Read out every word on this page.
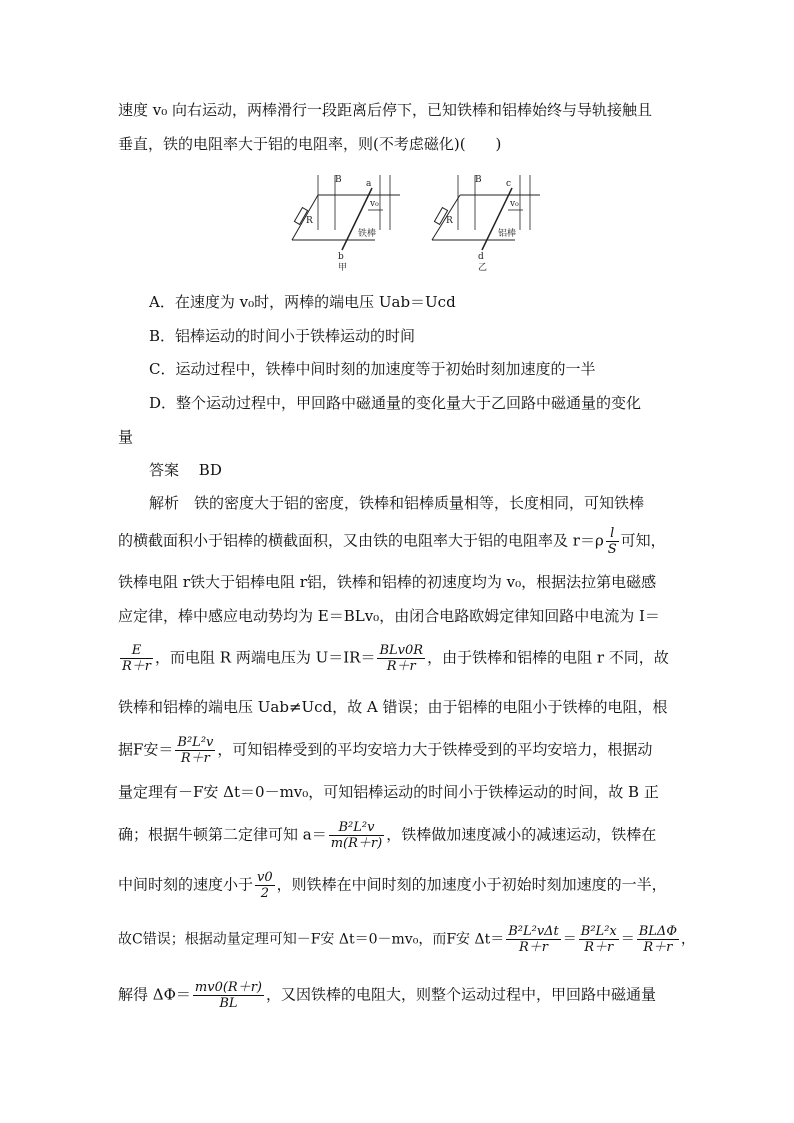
速度 v₀ 向右运动，两棒滑行一段距离后停下，已知铁棒和铝棒始终与导轨接触且
垂直，铁的电阻率大于铝的电阻率，则(不考虑磁化)(　　)
B
R
a
v₀
铁棒
b
甲
B
R
c
v₀
铝棒
d
乙
A．在速度为 v₀时，两棒的端电压 Uab＝Ucd
B．铝棒运动的时间小于铁棒运动的时间
C．运动过程中，铁棒中间时刻的加速度等于初始时刻加速度的一半
D．整个运动过程中，甲回路中磁通量的变化量大于乙回路中磁通量的变化
量
答案　 BD
解析　铁的密度大于铝的密度，铁棒和铝棒质量相等，长度相同，可知铁棒
的横截面积小于铝棒的横截面积，又由铁的电阻率大于铝的电阻率及 $r=\rho \frac{l}{S}$ 可知，
铁棒电阻 r铁大于铝棒电阻 r铝，铁棒和铝棒的初速度均为 v₀，根据法拉第电磁感
应定律，棒中感应电动势均为 E＝BLv₀，由闭合电路欧姆定律知回路中电流为 I＝
$\frac{E}{R+r}$ ，而电阻 R 两端电压为 $U=IR= \frac{\text{BLv0R}}{R+r}$ ，由于铁棒和铝棒的电阻 r 不同，故
铁棒和铝棒的端电压 Uab≠Ucd，故 A 错误；由于铝棒的电阻小于铁棒的电阻，根
据F安＝ $\frac{\text{B²L²v}}{R+r}$ ，可知铝棒受到的平均安培力大于铁棒受到的平均安培力，根据动
量定理有－F安 Δt＝0－mv₀，可知铝棒运动的时间小于铁棒运动的时间，故 B 正
确；根据牛顿第二定律可知 $a= \frac{\text{B²L²v}}{m(R+r)}$ ，铁棒做加速度减小的减速运动，铁棒在
中间时刻的速度小于 $\frac{v0}{2}$ ，则铁棒在中间时刻的加速度小于初始时刻加速度的一半，
故C错误；根据动量定理可知－F安 Δt＝0－mv₀，而F安 $\Delta t= \frac{\text{B²L²vΔt}}{R+r} = \frac{\text{B²L²x}}{R+r} = \frac{\text{BLΔΦ}}{R+r}$ ，
解得 $\Delta\Phi= \frac{mv0(R+r)}{BL}$ ，又因铁棒的电阻大，则整个运动过程中，甲回路中磁通量
